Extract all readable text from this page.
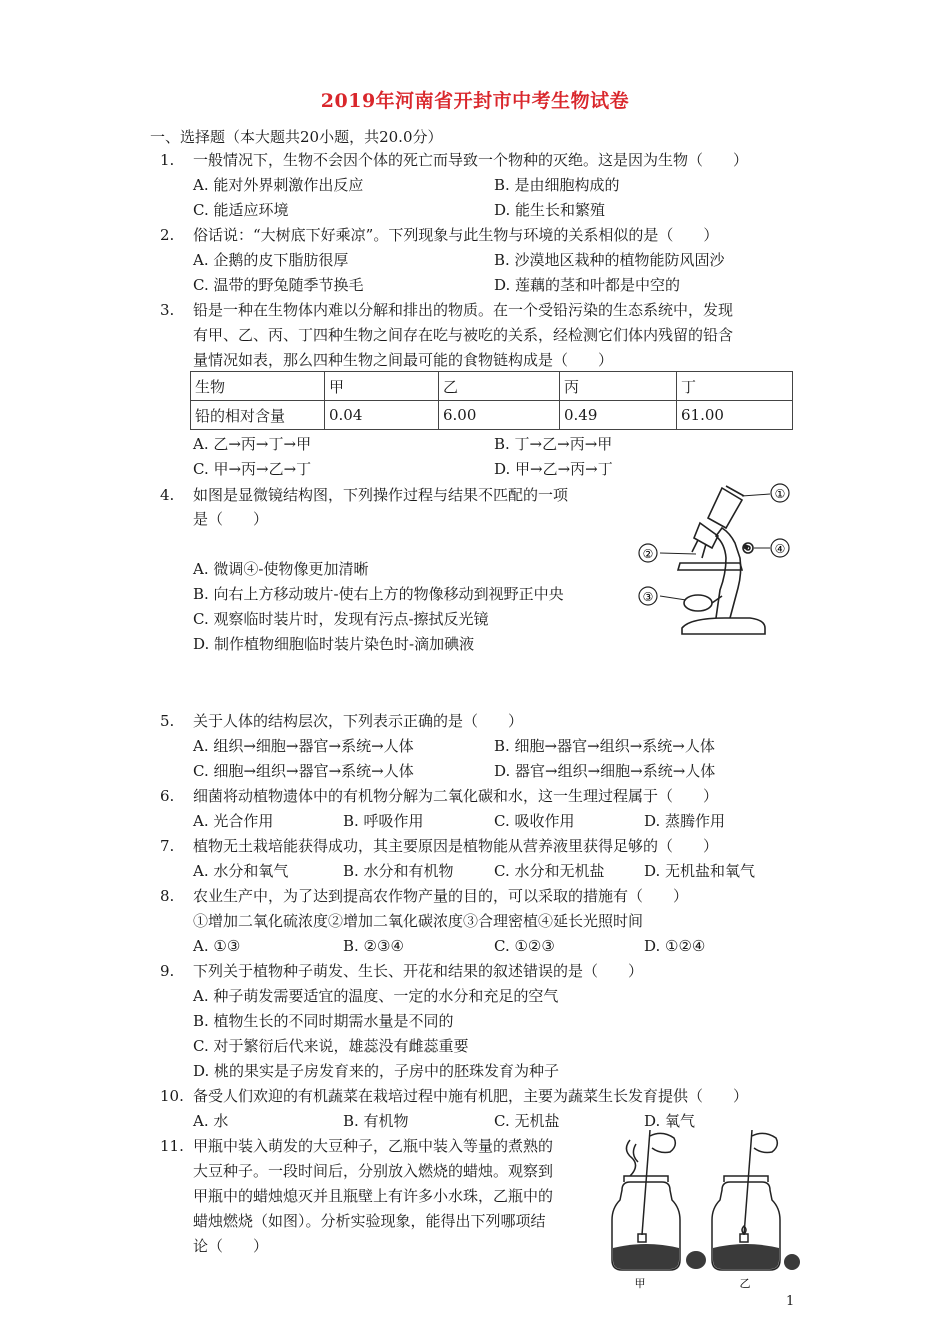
2019年河南省开封市中考生物试卷
一、选择题（本大题共20小题，共20.0分）
1. 一般情况下，生物不会因个体的死亡而导致一个物种的灭绝。这是因为生物（　　）
A. 能对外界刺激作出反应	B. 是由细胞构成的
C. 能适应环境	D. 能生长和繁殖
2. 俗话说：“大树底下好乘凉”。下列现象与此生物与环境的关系相似的是（　　）
A. 企鹅的皮下脂肪很厚	B. 沙漠地区栽种的植物能防风固沙
C. 温带的野兔随季节换毛	D. 莲藕的茎和叶都是中空的
3. 铅是一种在生物体内难以分解和排出的物质。在一个受铅污染的生态系统中，发现
有甲、乙、丙、丁四种生物之间存在吃与被吃的关系，经检测它们体内残留的铅含
量情况如表，那么四种生物之间最可能的食物链构成是（　　）
生物	甲	乙	丙	丁
铅的相对含量	0.04	6.00	0.49	61.00
A. 乙→丙→丁→甲	B. 丁→乙→丙→甲
C. 甲→丙→乙→丁	D. 甲→乙→丙→丁
4. 如图是显微镜结构图，下列操作过程与结果不匹配的一项
是（　　）
A. 微调④-使物像更加清晰
B. 向右上方移动玻片-使右上方的物像移动到视野正中央
C. 观察临时装片时，发现有污点-擦拭反光镜
D. 制作植物细胞临时装片染色时-滴加碘液
①
②
③
④
5. 关于人体的结构层次，下列表示正确的是（　　）
A. 组织→细胞→器官→系统→人体	B. 细胞→器官→组织→系统→人体
C. 细胞→组织→器官→系统→人体	D. 器官→组织→细胞→系统→人体
6. 细菌将动植物遗体中的有机物分解为二氧化碳和水，这一生理过程属于（　　）
A. 光合作用	B. 呼吸作用	C. 吸收作用	D. 蒸腾作用
7. 植物无土栽培能获得成功，其主要原因是植物能从营养液里获得足够的（　　）
A. 水分和氧气	B. 水分和有机物	C. 水分和无机盐	D. 无机盐和氧气
8. 农业生产中，为了达到提高农作物产量的目的，可以采取的措施有（　　）
①增加二氧化硫浓度②增加二氧化碳浓度③合理密植④延长光照时间
A. ①③	B. ②③④	C. ①②③	D. ①②④
9. 下列关于植物种子萌发、生长、开花和结果的叙述错误的是（　　）
A. 种子萌发需要适宜的温度、一定的水分和充足的空气
B. 植物生长的不同时期需水量是不同的
C. 对于繁衍后代来说，雄蕊没有雌蕊重要
D. 桃的果实是子房发育来的，子房中的胚珠发育为种子
10. 备受人们欢迎的有机蔬菜在栽培过程中施有机肥，主要为蔬菜生长发育提供（　　）
A. 水	B. 有机物	C. 无机盐	D. 氧气
11. 甲瓶中装入萌发的大豆种子，乙瓶中装入等量的煮熟的
大豆种子。一段时间后，分别放入燃烧的蜡烛。观察到
甲瓶中的蜡烛熄灭并且瓶壁上有许多小水珠，乙瓶中的
蜡烛燃烧（如图）。分析实验现象，能得出下列哪项结
论（　　）
甲	乙
1
